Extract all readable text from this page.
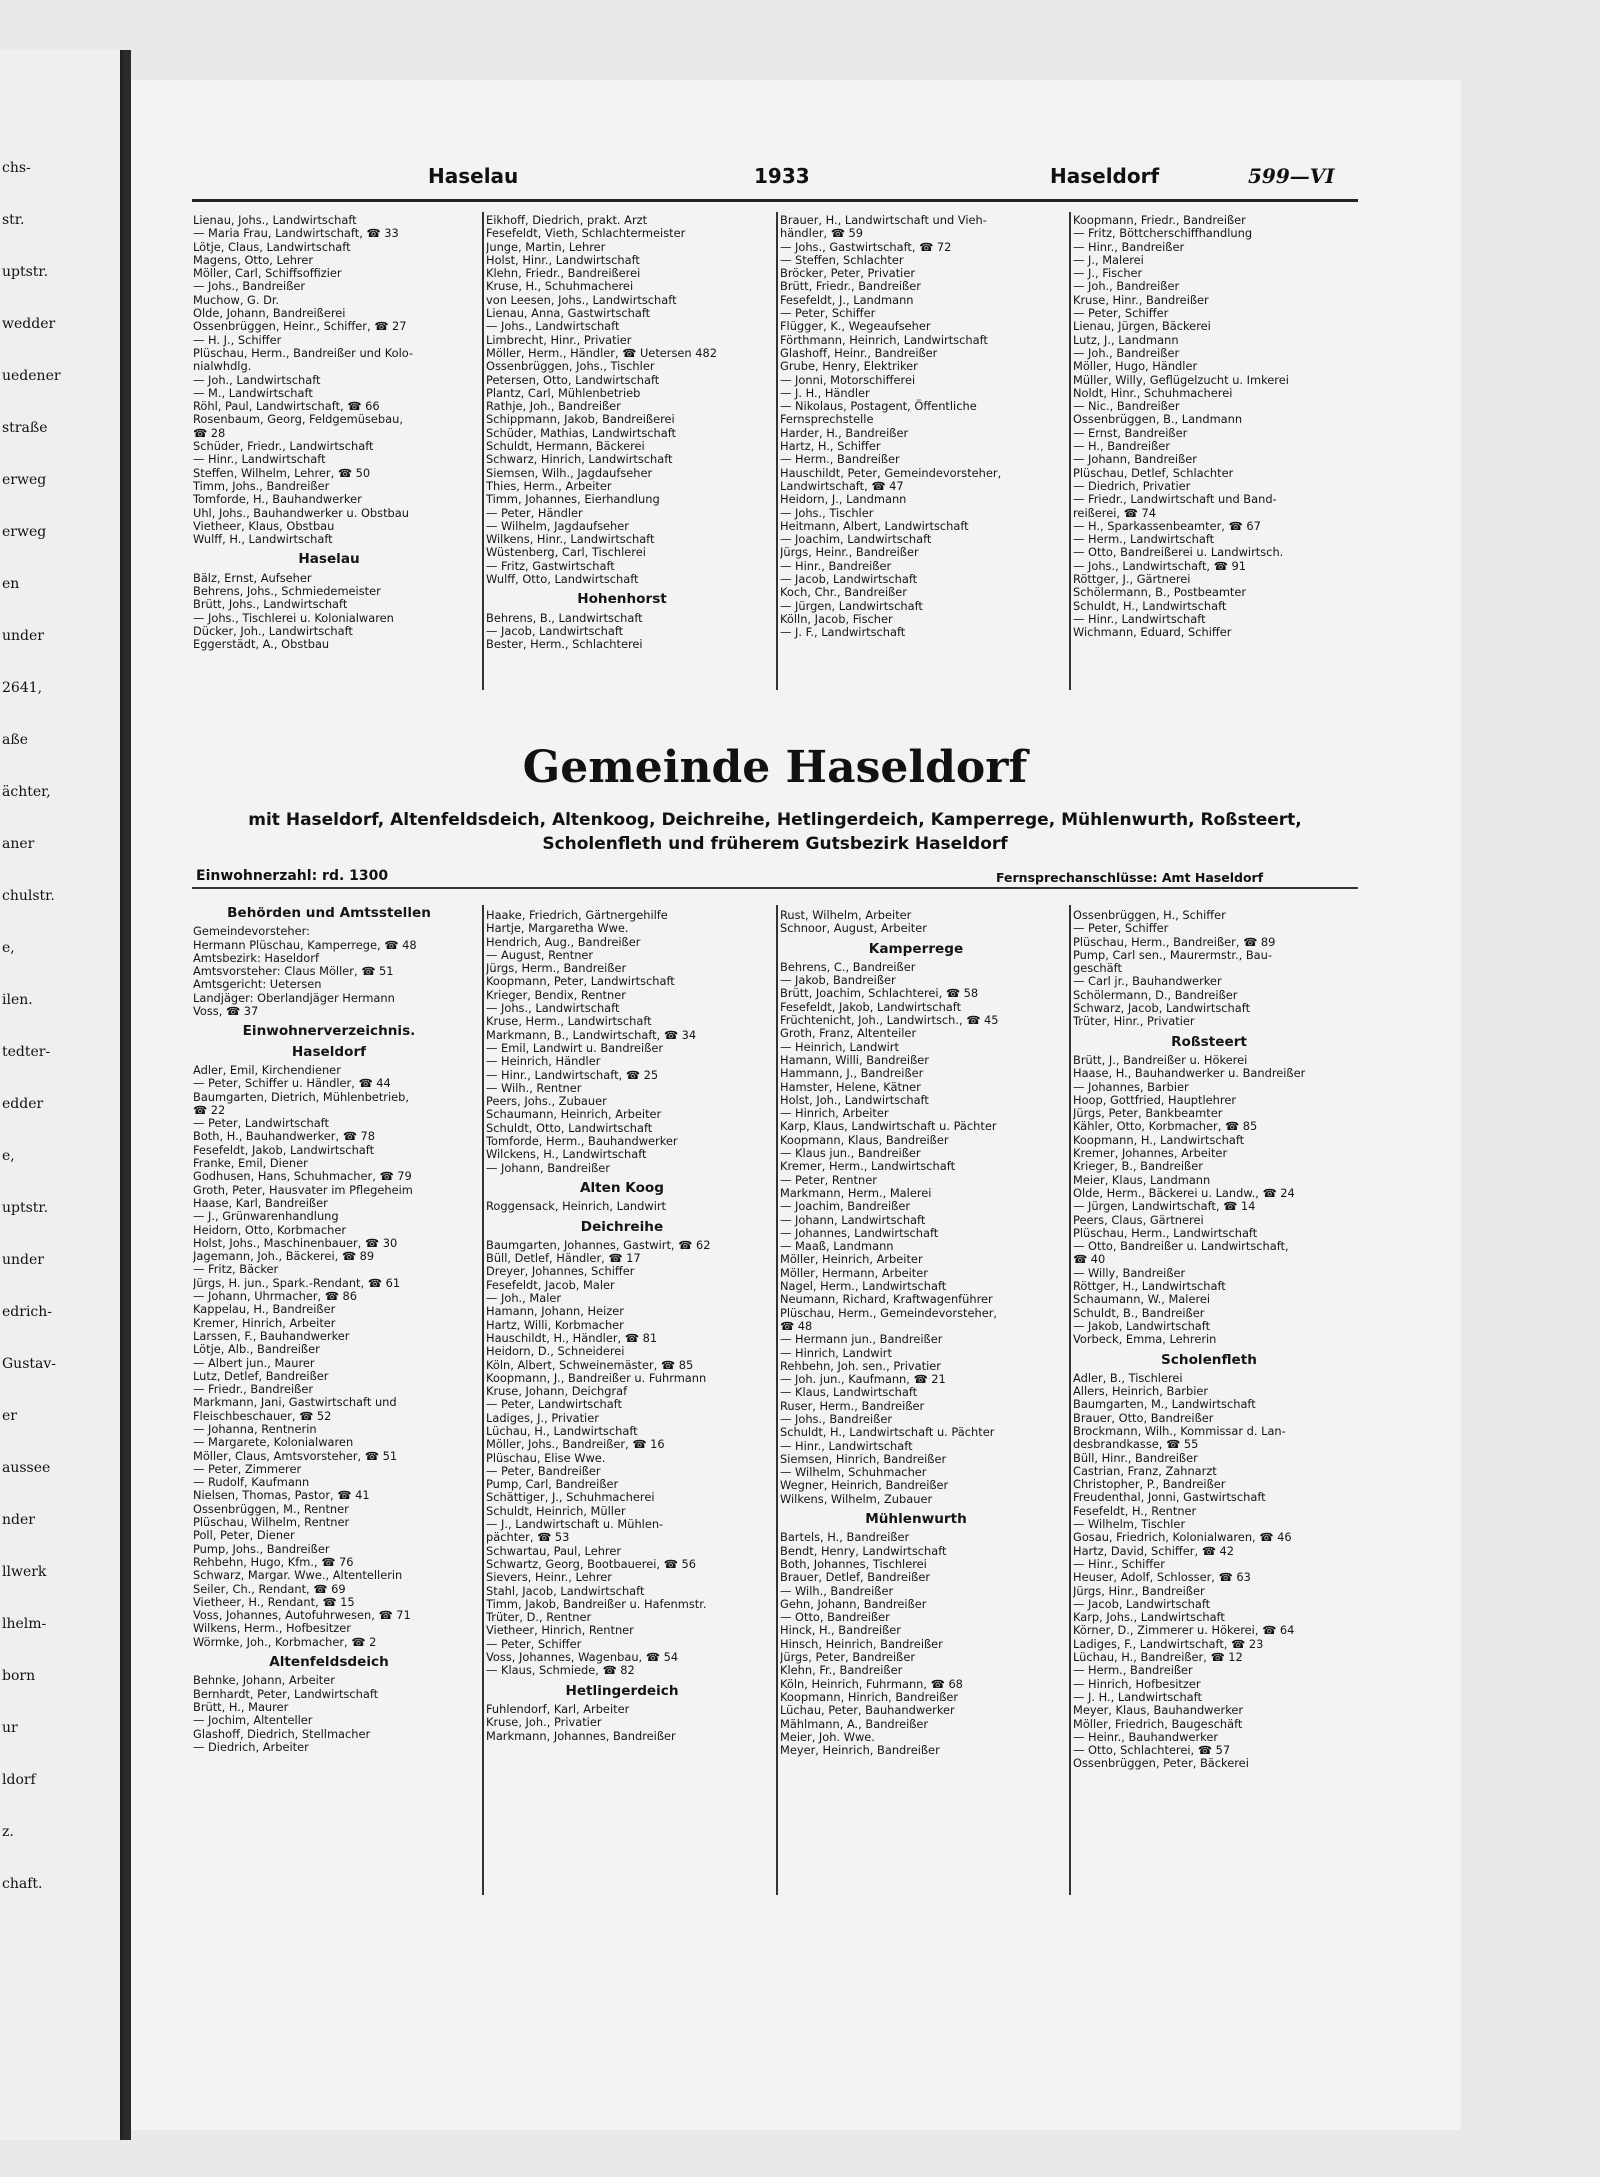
chs-
str.
uptstr.
wedder
uedener
straße
erweg
erweg
en
under
2641,
aße
ächter,
aner
chulstr.
e,
ilen.
tedter-
edder
e,
uptstr.
under
edrich-
Gustav-
er
aussee
nder
llwerk
lhelm-
born
ur
ldorf
z.
chaft.
Haselau	1933	Haseldorf	599—VI

Lienau, Johs., Landwirtschaft

— Maria Frau, Landwirtschaft, ☎ 33

Lötje, Claus, Landwirtschaft

Magens, Otto, Lehrer

Möller, Carl, Schiffsoffizier

— Johs., Bandreißer

Muchow, G. Dr.

Olde, Johann, Bandreißerei

Ossenbrüggen, Heinr., Schiffer, ☎ 27

— H. J., Schiffer

Plüschau, Herm., Bandreißer und Kolo-

nialwhdlg.

— Joh., Landwirtschaft

— M., Landwirtschaft

Röhl, Paul, Landwirtschaft, ☎ 66

Rosenbaum, Georg, Feldgemüsebau,

☎ 28

Schüder, Friedr., Landwirtschaft

— Hinr., Landwirtschaft

Steffen, Wilhelm, Lehrer, ☎ 50

Timm, Johs., Bandreißer

Tomforde, H., Bauhandwerker

Uhl, Johs., Bauhandwerker u. Obstbau

Vietheer, Klaus, Obstbau

Wulff, H., Landwirtschaft

Haselau

Bälz, Ernst, Aufseher

Behrens, Johs., Schmiedemeister

Brütt, Johs., Landwirtschaft

— Johs., Tischlerei u. Kolonialwaren

Dücker, Joh., Landwirtschaft

Eggerstädt, A., Obstbau

Eikhoff, Diedrich, prakt. Arzt

Fesefeldt, Vieth, Schlachtermeister

Junge, Martin, Lehrer

Holst, Hinr., Landwirtschaft

Klehn, Friedr., Bandreißerei

Kruse, H., Schuhmacherei

von Leesen, Johs., Landwirtschaft

Lienau, Anna, Gastwirtschaft

— Johs., Landwirtschaft

Limbrecht, Hinr., Privatier

Möller, Herm., Händler, ☎ Uetersen 482

Ossenbrüggen, Johs., Tischler

Petersen, Otto, Landwirtschaft

Plantz, Carl, Mühlenbetrieb

Rathje, Joh., Bandreißer

Schippmann, Jakob, Bandreißerei

Schüder, Mathias, Landwirtschaft

Schuldt, Hermann, Bäckerei

Schwarz, Hinrich, Landwirtschaft

Siemsen, Wilh., Jagdaufseher

Thies, Herm., Arbeiter

Timm, Johannes, Eierhandlung

— Peter, Händler

— Wilhelm, Jagdaufseher

Wilkens, Hinr., Landwirtschaft

Wüstenberg, Carl, Tischlerei

— Fritz, Gastwirtschaft

Wulff, Otto, Landwirtschaft

Hohenhorst

Behrens, B., Landwirtschaft

— Jacob, Landwirtschaft

Bester, Herm., Schlachterei

Brauer, H., Landwirtschaft und Vieh-

händler, ☎ 59

— Johs., Gastwirtschaft, ☎ 72

— Steffen, Schlachter

Bröcker, Peter, Privatier

Brütt, Friedr., Bandreißer

Fesefeldt, J., Landmann

— Peter, Schiffer

Flügger, K., Wegeaufseher

Förthmann, Heinrich, Landwirtschaft

Glashoff, Heinr., Bandreißer

Grube, Henry, Elektriker

— Jonni, Motorschifferei

— J. H., Händler

— Nikolaus, Postagent, Öffentliche

Fernsprechstelle

Harder, H., Bandreißer

Hartz, H., Schiffer

— Herm., Bandreißer

Hauschildt, Peter, Gemeindevorsteher,

Landwirtschaft, ☎ 47

Heidorn, J., Landmann

— Johs., Tischler

Heitmann, Albert, Landwirtschaft

— Joachim, Landwirtschaft

Jürgs, Heinr., Bandreißer

— Hinr., Bandreißer

— Jacob, Landwirtschaft

Koch, Chr., Bandreißer

— Jürgen, Landwirtschaft

Kölln, Jacob, Fischer

— J. F., Landwirtschaft

Koopmann, Friedr., Bandreißer

— Fritz, Böttcherschiffhandlung

— Hinr., Bandreißer

— J., Malerei

— J., Fischer

— Joh., Bandreißer

Kruse, Hinr., Bandreißer

— Peter, Schiffer

Lienau, Jürgen, Bäckerei

Lutz, J., Landmann

— Joh., Bandreißer

Möller, Hugo, Händler

Müller, Willy, Geflügelzucht u. Imkerei

Noldt, Hinr., Schuhmacherei

— Nic., Bandreißer

Ossenbrüggen, B., Landmann

— Ernst, Bandreißer

— H., Bandreißer

— Johann, Bandreißer

Plüschau, Detlef, Schlachter

— Diedrich, Privatier

— Friedr., Landwirtschaft und Band-

reißerei, ☎ 74

— H., Sparkassenbeamter, ☎ 67

— Herm., Landwirtschaft

— Otto, Bandreißerei u. Landwirtsch.

— Johs., Landwirtschaft, ☎ 91

Röttger, J., Gärtnerei

Schölermann, B., Postbeamter

Schuldt, H., Landwirtschaft

— Hinr., Landwirtschaft

Wichmann, Eduard, Schiffer

Gemeinde Haseldorf
mit Haseldorf, Altenfeldsdeich, Altenkoog, Deichreihe, Hetlingerdeich, Kamperrege, Mühlenwurth, Roßsteert,
Scholenfleth und früherem Gutsbezirk Haseldorf
Einwohnerzahl: rd. 1300	Fernsprechanschlüsse: Amt Haseldorf
Behörden und Amtsstellen

Gemeindevorsteher:

Hermann Plüschau, Kamperrege, ☎ 48

Amtsbezirk: Haseldorf

Amtsvorsteher: Claus Möller, ☎ 51

Amtsgericht: Uetersen

Landjäger: Oberlandjäger Hermann

Voss, ☎ 37

Einwohnerverzeichnis.
Haseldorf

Adler, Emil, Kirchendiener

— Peter, Schiffer u. Händler, ☎ 44

Baumgarten, Dietrich, Mühlenbetrieb,

☎ 22

— Peter, Landwirtschaft

Both, H., Bauhandwerker, ☎ 78

Fesefeldt, Jakob, Landwirtschaft

Franke, Emil, Diener

Godhusen, Hans, Schuhmacher, ☎ 79

Groth, Peter, Hausvater im Pflegeheim

Haase, Karl, Bandreißer

— J., Grünwarenhandlung

Heidorn, Otto, Korbmacher

Holst, Johs., Maschinenbauer, ☎ 30

Jagemann, Joh., Bäckerei, ☎ 89

— Fritz, Bäcker

Jürgs, H. jun., Spark.-Rendant, ☎ 61

— Johann, Uhrmacher, ☎ 86

Kappelau, H., Bandreißer

Kremer, Hinrich, Arbeiter

Larssen, F., Bauhandwerker

Lötje, Alb., Bandreißer

— Albert jun., Maurer

Lutz, Detlef, Bandreißer

— Friedr., Bandreißer

Markmann, Jani, Gastwirtschaft und

Fleischbeschauer, ☎ 52

— Johanna, Rentnerin

— Margarete, Kolonialwaren

Möller, Claus, Amtsvorsteher, ☎ 51

— Peter, Zimmerer

— Rudolf, Kaufmann

Nielsen, Thomas, Pastor, ☎ 41

Ossenbrüggen, M., Rentner

Plüschau, Wilhelm, Rentner

Poll, Peter, Diener

Pump, Johs., Bandreißer

Rehbehn, Hugo, Kfm., ☎ 76

Schwarz, Margar. Wwe., Altentellerin

Seiler, Ch., Rendant, ☎ 69

Vietheer, H., Rendant, ☎ 15

Voss, Johannes, Autofuhrwesen, ☎ 71

Wilkens, Herm., Hofbesitzer

Wörmke, Joh., Korbmacher, ☎ 2

Altenfeldsdeich

Behnke, Johann, Arbeiter

Bernhardt, Peter, Landwirtschaft

Brütt, H., Maurer

— Jochim, Altenteller

Glashoff, Diedrich, Stellmacher

— Diedrich, Arbeiter

Haake, Friedrich, Gärtnergehilfe

Hartje, Margaretha Wwe.

Hendrich, Aug., Bandreißer

— August, Rentner

Jürgs, Herm., Bandreißer

Koopmann, Peter, Landwirtschaft

Krieger, Bendix, Rentner

— Johs., Landwirtschaft

Kruse, Herm., Landwirtschaft

Markmann, B., Landwirtschaft, ☎ 34

— Emil, Landwirt u. Bandreißer

— Heinrich, Händler

— Hinr., Landwirtschaft, ☎ 25

— Wilh., Rentner

Peers, Johs., Zubauer

Schaumann, Heinrich, Arbeiter

Schuldt, Otto, Landwirtschaft

Tomforde, Herm., Bauhandwerker

Wilckens, H., Landwirtschaft

— Johann, Bandreißer

Alten Koog

Roggensack, Heinrich, Landwirt

Deichreihe

Baumgarten, Johannes, Gastwirt, ☎ 62

Büll, Detlef, Händler, ☎ 17

Dreyer, Johannes, Schiffer

Fesefeldt, Jacob, Maler

— Joh., Maler

Hamann, Johann, Heizer

Hartz, Willi, Korbmacher

Hauschildt, H., Händler, ☎ 81

Heidorn, D., Schneiderei

Köln, Albert, Schweinemäster, ☎ 85

Koopmann, J., Bandreißer u. Fuhrmann

Kruse, Johann, Deichgraf

— Peter, Landwirtschaft

Ladiges, J., Privatier

Lüchau, H., Landwirtschaft

Möller, Johs., Bandreißer, ☎ 16

Plüschau, Elise Wwe.

— Peter, Bandreißer

Pump, Carl, Bandreißer

Schättiger, J., Schuhmacherei

Schuldt, Heinrich, Müller

— J., Landwirtschaft u. Mühlen-

pächter, ☎ 53

Schwartau, Paul, Lehrer

Schwartz, Georg, Bootbauerei, ☎ 56

Sievers, Heinr., Lehrer

Stahl, Jacob, Landwirtschaft

Timm, Jakob, Bandreißer u. Hafenmstr.

Trüter, D., Rentner

Vietheer, Hinrich, Rentner

— Peter, Schiffer

Voss, Johannes, Wagenbau, ☎ 54

— Klaus, Schmiede, ☎ 82

Hetlingerdeich

Fuhlendorf, Karl, Arbeiter

Kruse, Joh., Privatier

Markmann, Johannes, Bandreißer

Rust, Wilhelm, Arbeiter

Schnoor, August, Arbeiter

Kamperrege

Behrens, C., Bandreißer

— Jakob, Bandreißer

Brütt, Joachim, Schlachterei, ☎ 58

Fesefeldt, Jakob, Landwirtschaft

Früchtenicht, Joh., Landwirtsch., ☎ 45

Groth, Franz, Altenteiler

— Heinrich, Landwirt

Hamann, Willi, Bandreißer

Hammann, J., Bandreißer

Hamster, Helene, Kätner

Holst, Joh., Landwirtschaft

— Hinrich, Arbeiter

Karp, Klaus, Landwirtschaft u. Pächter

Koopmann, Klaus, Bandreißer

— Klaus jun., Bandreißer

Kremer, Herm., Landwirtschaft

— Peter, Rentner

Markmann, Herm., Malerei

— Joachim, Bandreißer

— Johann, Landwirtschaft

— Johannes, Landwirtschaft

— Maaß, Landmann

Möller, Heinrich, Arbeiter

Möller, Hermann, Arbeiter

Nagel, Herm., Landwirtschaft

Neumann, Richard, Kraftwagenführer

Plüschau, Herm., Gemeindevorsteher,

☎ 48

— Hermann jun., Bandreißer

— Hinrich, Landwirt

Rehbehn, Joh. sen., Privatier

— Joh. jun., Kaufmann, ☎ 21

— Klaus, Landwirtschaft

Ruser, Herm., Bandreißer

— Johs., Bandreißer

Schuldt, H., Landwirtschaft u. Pächter

— Hinr., Landwirtschaft

Siemsen, Hinrich, Bandreißer

— Wilhelm, Schuhmacher

Wegner, Heinrich, Bandreißer

Wilkens, Wilhelm, Zubauer

Mühlenwurth

Bartels, H., Bandreißer

Bendt, Henry, Landwirtschaft

Both, Johannes, Tischlerei

Brauer, Detlef, Bandreißer

— Wilh., Bandreißer

Gehn, Johann, Bandreißer

— Otto, Bandreißer

Hinck, H., Bandreißer

Hinsch, Heinrich, Bandreißer

Jürgs, Peter, Bandreißer

Klehn, Fr., Bandreißer

Köln, Heinrich, Fuhrmann, ☎ 68

Koopmann, Hinrich, Bandreißer

Lüchau, Peter, Bauhandwerker

Mählmann, A., Bandreißer

Meier, Joh. Wwe.

Meyer, Heinrich, Bandreißer

Ossenbrüggen, H., Schiffer

— Peter, Schiffer

Plüschau, Herm., Bandreißer, ☎ 89

Pump, Carl sen., Maurermstr., Bau-

geschäft

— Carl jr., Bauhandwerker

Schölermann, D., Bandreißer

Schwarz, Jacob, Landwirtschaft

Trüter, Hinr., Privatier

Roßsteert

Brütt, J., Bandreißer u. Hökerei

Haase, H., Bauhandwerker u. Bandreißer

— Johannes, Barbier

Hoop, Gottfried, Hauptlehrer

Jürgs, Peter, Bankbeamter

Kähler, Otto, Korbmacher, ☎ 85

Koopmann, H., Landwirtschaft

Kremer, Johannes, Arbeiter

Krieger, B., Bandreißer

Meier, Klaus, Landmann

Olde, Herm., Bäckerei u. Landw., ☎ 24

— Jürgen, Landwirtschaft, ☎ 14

Peers, Claus, Gärtnerei

Plüschau, Herm., Landwirtschaft

— Otto, Bandreißer u. Landwirtschaft,

☎ 40

— Willy, Bandreißer

Röttger, H., Landwirtschaft

Schaumann, W., Malerei

Schuldt, B., Bandreißer

— Jakob, Landwirtschaft

Vorbeck, Emma, Lehrerin

Scholenfleth

Adler, B., Tischlerei

Allers, Heinrich, Barbier

Baumgarten, M., Landwirtschaft

Brauer, Otto, Bandreißer

Brockmann, Wilh., Kommissar d. Lan-

desbrandkasse, ☎ 55

Büll, Hinr., Bandreißer

Castrian, Franz, Zahnarzt

Christopher, P., Bandreißer

Freudenthal, Jonni, Gastwirtschaft

Fesefeldt, H., Rentner

— Wilhelm, Tischler

Gosau, Friedrich, Kolonialwaren, ☎ 46

Hartz, David, Schiffer, ☎ 42

— Hinr., Schiffer

Heuser, Adolf, Schlosser, ☎ 63

Jürgs, Hinr., Bandreißer

— Jacob, Landwirtschaft

Karp, Johs., Landwirtschaft

Körner, D., Zimmerer u. Hökerei, ☎ 64

Ladiges, F., Landwirtschaft, ☎ 23

Lüchau, H., Bandreißer, ☎ 12

— Herm., Bandreißer

— Hinrich, Hofbesitzer

— J. H., Landwirtschaft

Meyer, Klaus, Bauhandwerker

Möller, Friedrich, Baugeschäft

— Heinr., Bauhandwerker

— Otto, Schlachterei, ☎ 57

Ossenbrüggen, Peter, Bäckerei
